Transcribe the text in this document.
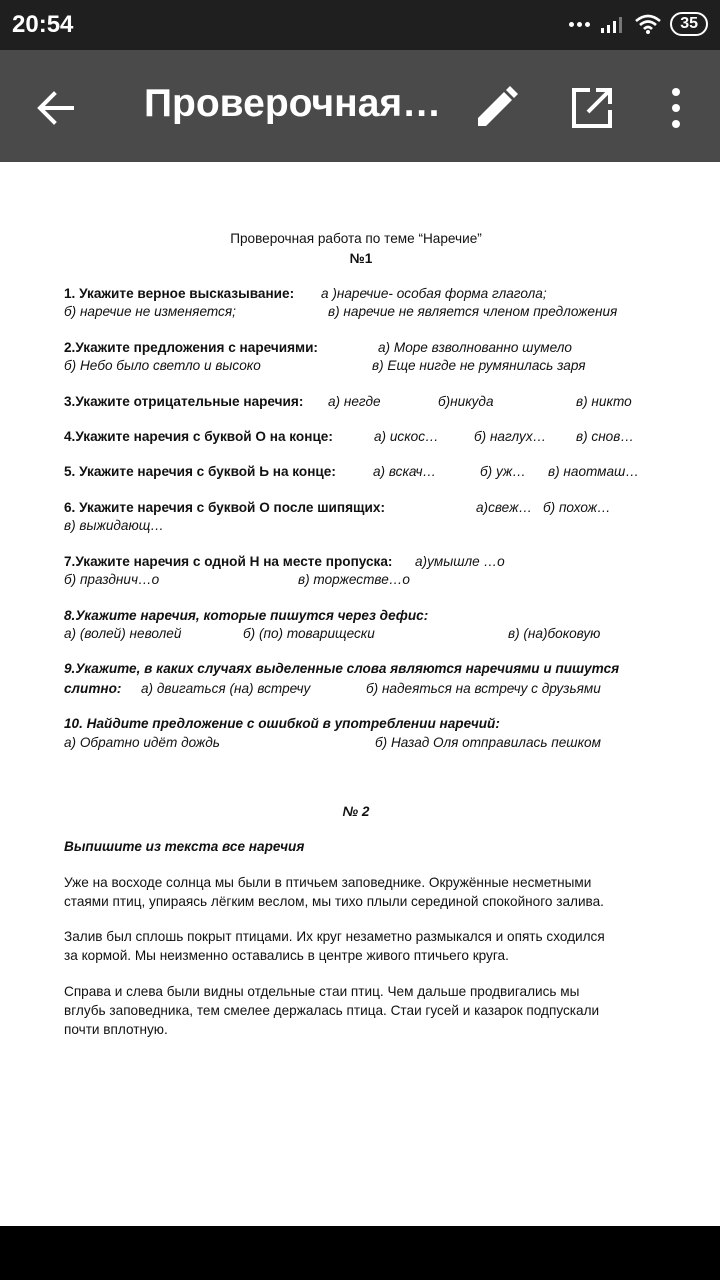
20:54	35
Проверочная…
Проверочная работа по теме “Наречие”
№1
1. Укажите верное высказывание: а )наречие- особая форма глагола;
б) наречие не изменяется;	в) наречие не является членом предложения
2.Укажите предложения с наречиями:	а) Море взволнованно шумело
б) Небо было светло и высоко	в) Еще нигде не румянилась заря
3.Укажите отрицательные наречия: а) негде	б)никуда	в) никто
4.Укажите наречия с буквой О на конце:	а) искос…	б) наглух… в) снов…
5. Укажите наречия с буквой Ь на конце:	а) вскач…	б) уж… в) наотмаш…
6. Укажите наречия с буквой О после шипящих:	а)свеж… б) похож…
в) выжидающ…
7.Укажите наречия с одной Н на месте пропуска: а)умышле …о
б) празднич…о	в) торжестве…о
8.Укажите наречия, которые пишутся через дефис:
а) (волей) неволей	б) (по) товарищески	в) (на)боковую
9.Укажите, в каких случаях выделенные слова являются наречиями и пишутся
слитно: а) двигаться (на) встречу	б) надеяться на встречу с друзьями
10. Найдите предложение с ошибкой в употреблении наречий:
а) Обратно идёт дождь	б) Назад Оля отправилась пешком
№ 2
Выпишите из текста все наречия
Уже на восходе солнца мы были в птичьем заповеднике. Окружённые несметными
стаями птиц, упираясь лёгким веслом, мы тихо плыли серединой спокойного залива.
Залив был сплошь покрыт птицами. Их круг незаметно размыкался и опять сходился
за кормой. Мы неизменно оставались в центре живого птичьего круга.
Справа и слева были видны отдельные стаи птиц. Чем дальше продвигались мы
вглубь заповедника, тем смелее держалась птица. Стаи гусей и казарок подпускали
почти вплотную.
